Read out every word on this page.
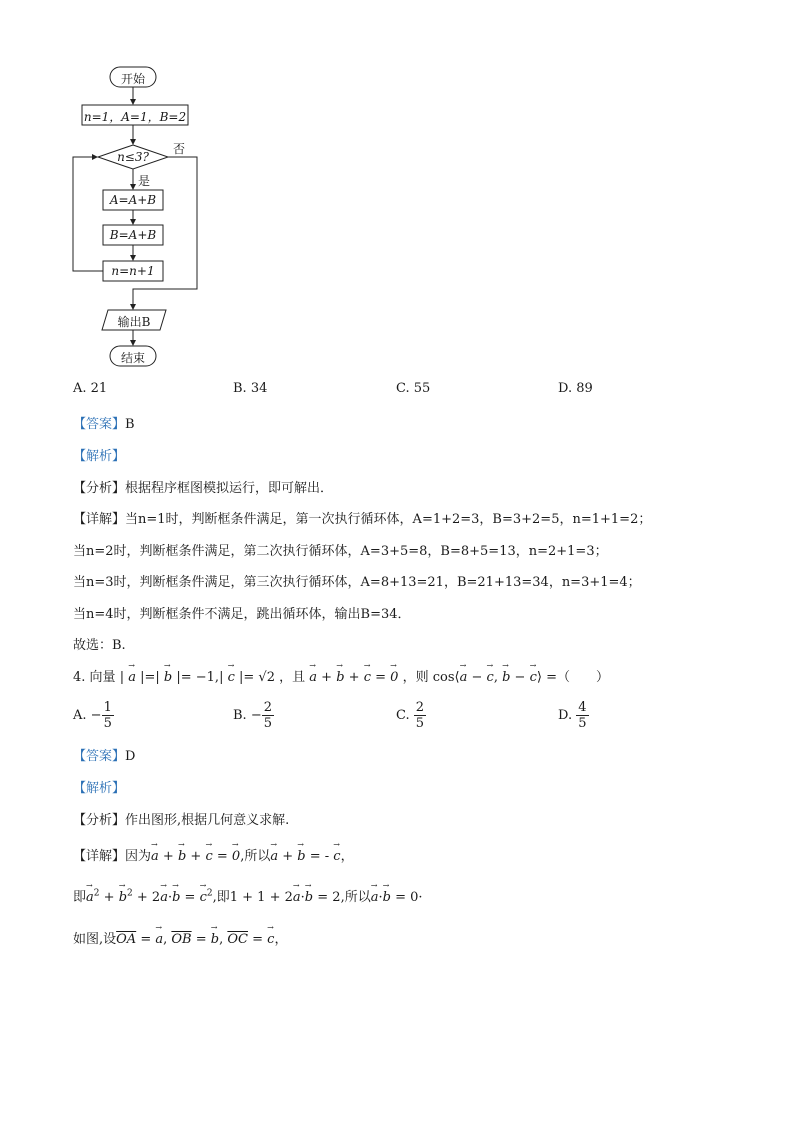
开始
n=1，A=1，B=2
n≤3?
否
是
A=A+B
B=A+B
n=n+1
输出B
结束
A. 21	B. 34	C. 55	D. 89
【答案】B
【解析】
【分析】根据程序框图模拟运行，即可解出．
【详解】当n=1时，判断框条件满足，第一次执行循环体，A=1+2=3，B=3+2=5，n=1+1=2；
当n=2时，判断框条件满足，第二次执行循环体，A=3+5=8，B=8+5=13，n=2+1=3；
当n=3时，判断框条件满足，第三次执行循环体，A=8+13=21，B=21+13=34，n=3+1=4；
当n=4时，判断框条件不满足，跳出循环体，输出B=34．
故选：B.
4. 向量 | → a |=| → b |= −1,| → c |= √2 ，且 → a + → b + → c = → 0 ，则 cos⟨→ a − → c, → b − → c⟩ =（　　）
A. − $\frac{1}{5}$	B. − $\frac{2}{5}$	C. $\frac{2}{5}$	D. $\frac{4}{5}$
【答案】D
【解析】
【分析】作出图形,根据几何意义求解.
【详解】因为→ a + → b + → c = → 0,所以→ a + → b = - → c，
即→ $a^2$ + → $b^2 + 2\to a\cdot\to b$ = → $c^2$,即1 + 1 + 2→ a·→ b = 2,所以→ a·→ b = 0·
如图,设$\overline{OA}$ = → a, $\overline{OB}$ = → b, $\overline{OC}$ = → c，
